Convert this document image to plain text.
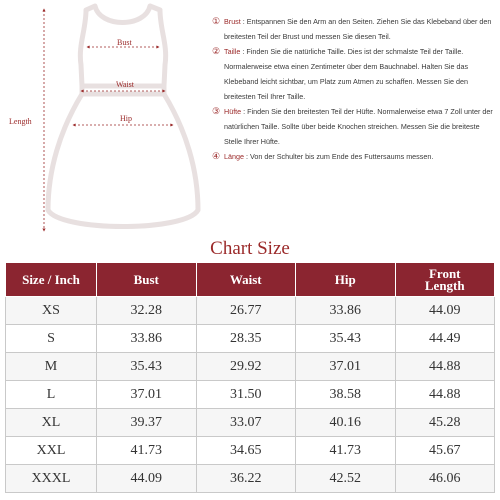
Bust
Waist
Hip
Length
① Brust : Entspannen Sie den Arm an den Seiten. Ziehen Sie das Klebeband über den breitesten Teil der Brust und messen Sie diesen Teil.
② Taille : Finden Sie die natürliche Taille. Dies ist der schmalste Teil der Taille. Normalerweise etwa einen Zentimeter über dem Bauchnabel. Halten Sie das Klebeband leicht sichtbar, um Platz zum Atmen zu schaffen. Messen Sie den breitesten Teil Ihrer Taille.
③ Hüfte : Finden Sie den breitesten Teil der Hüfte. Normalerweise etwa 7 Zoll unter der natürlichen Taille. Sollte über beide Knochen streichen. Messen Sie die breiteste Stelle Ihrer Hüfte.
④ Länge : Von der Schulter bis zum Ende des Futtersaums messen.
Chart Size
Size / Inch	Bust	Waist	Hip	Front Length
XS	32.28	26.77	33.86	44.09
S	33.86	28.35	35.43	44.49
M	35.43	29.92	37.01	44.88
L	37.01	31.50	38.58	44.88
XL	39.37	33.07	40.16	45.28
XXL	41.73	34.65	41.73	45.67
XXXL	44.09	36.22	42.52	46.06
